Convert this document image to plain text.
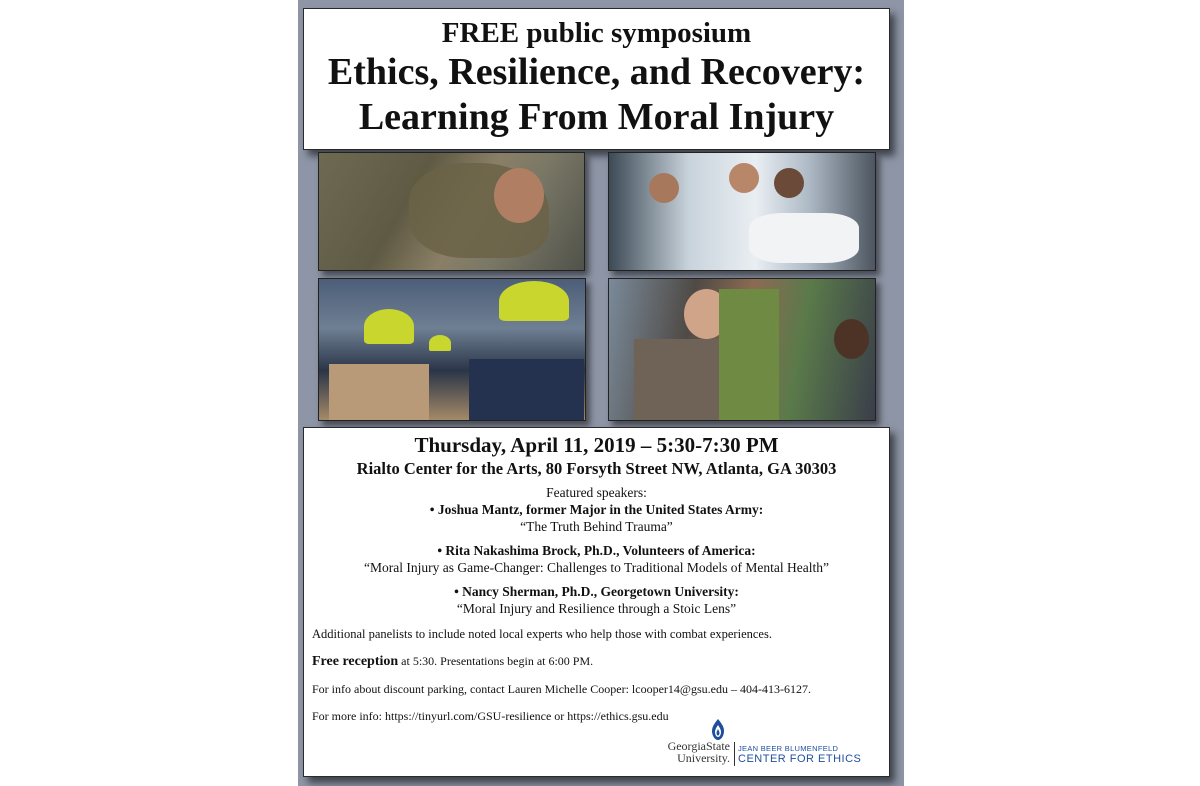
FREE public symposium
Ethics, Resilience, and Recovery:
Learning From Moral Injury
Thursday, April 11, 2019 – 5:30-7:30 PM
Rialto Center for the Arts, 80 Forsyth Street NW, Atlanta, GA 30303
Featured speakers:
• Joshua Mantz, former Major in the United States Army:
“The Truth Behind Trauma”
• Rita Nakashima Brock, Ph.D., Volunteers of America:
“Moral Injury as Game-Changer: Challenges to Traditional Models of Mental Health”
• Nancy Sherman, Ph.D., Georgetown University:
“Moral Injury and Resilience through a Stoic Lens”
Additional panelists to include noted local experts who help those with combat experiences.
Free reception at 5:30. Presentations begin at 6:00 PM.
For info about discount parking, contact Lauren Michelle Cooper: lcooper14@gsu.edu – 404-413-6127.
For more info: https://tinyurl.com/GSU-resilience or https://ethics.gsu.edu
GeorgiaState
University.
JEAN BEER BLUMENFELD
CENTER FOR ETHICS
